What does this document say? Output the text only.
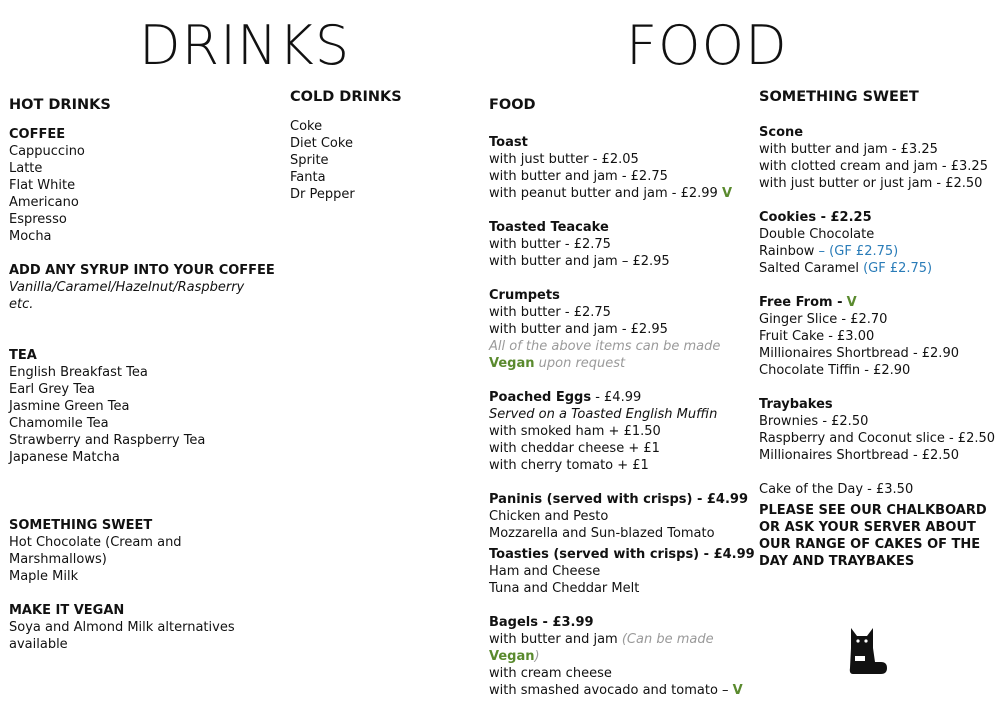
DRINKS	FOOD
HOT DRINKS
COFFEE
Cappuccino
Latte
Flat White
Americano
Espresso
Mocha
ADD ANY SYRUP INTO YOUR COFFEE
Vanilla/Caramel/Hazelnut/Raspberry
etc.
TEA
English Breakfast Tea
Earl Grey Tea
Jasmine Green Tea
Chamomile Tea
Strawberry and Raspberry Tea
Japanese Matcha
SOMETHING SWEET
Hot Chocolate (Cream and
Marshmallows)
Maple Milk
MAKE IT VEGAN
Soya and Almond Milk alternatives
available
COLD DRINKS
Coke
Diet Coke
Sprite
Fanta
Dr Pepper
FOOD
Toast
with just butter - £2.05
with butter and jam - £2.75
with peanut butter and jam - £2.99 V
Toasted Teacake
with butter - £2.75
with butter and jam – £2.95
Crumpets
with butter - £2.75
with butter and jam - £2.95
All of the above items can be made
Vegan upon request
Poached Eggs - £4.99
Served on a Toasted English Muffin
with smoked ham + £1.50
with cheddar cheese + £1
with cherry tomato + £1
Paninis (served with crisps) - £4.99
Chicken and Pesto
Mozzarella and Sun-blazed Tomato
Toasties (served with crisps) - £4.99
Ham and Cheese
Tuna and Cheddar Melt
Bagels - £3.99
with butter and jam (Can be made
Vegan)
with cream cheese
with smashed avocado and tomato – V
SOMETHING SWEET
Scone
with butter and jam - £3.25
with clotted cream and jam - £3.25
with just butter or just jam - £2.50
Cookies - £2.25
Double Chocolate
Rainbow – (GF £2.75)
Salted Caramel (GF £2.75)
Free From - V
Ginger Slice - £2.70
Fruit Cake - £3.00
Millionaires Shortbread - £2.90
Chocolate Tiffin - £2.90
Traybakes
Brownies - £2.50
Raspberry and Coconut slice - £2.50
Millionaires Shortbread - £2.50
Cake of the Day - £3.50
PLEASE SEE OUR CHALKBOARD OR ASK YOUR SERVER ABOUT OUR RANGE OF CAKES OF THE DAY AND TRAYBAKES
